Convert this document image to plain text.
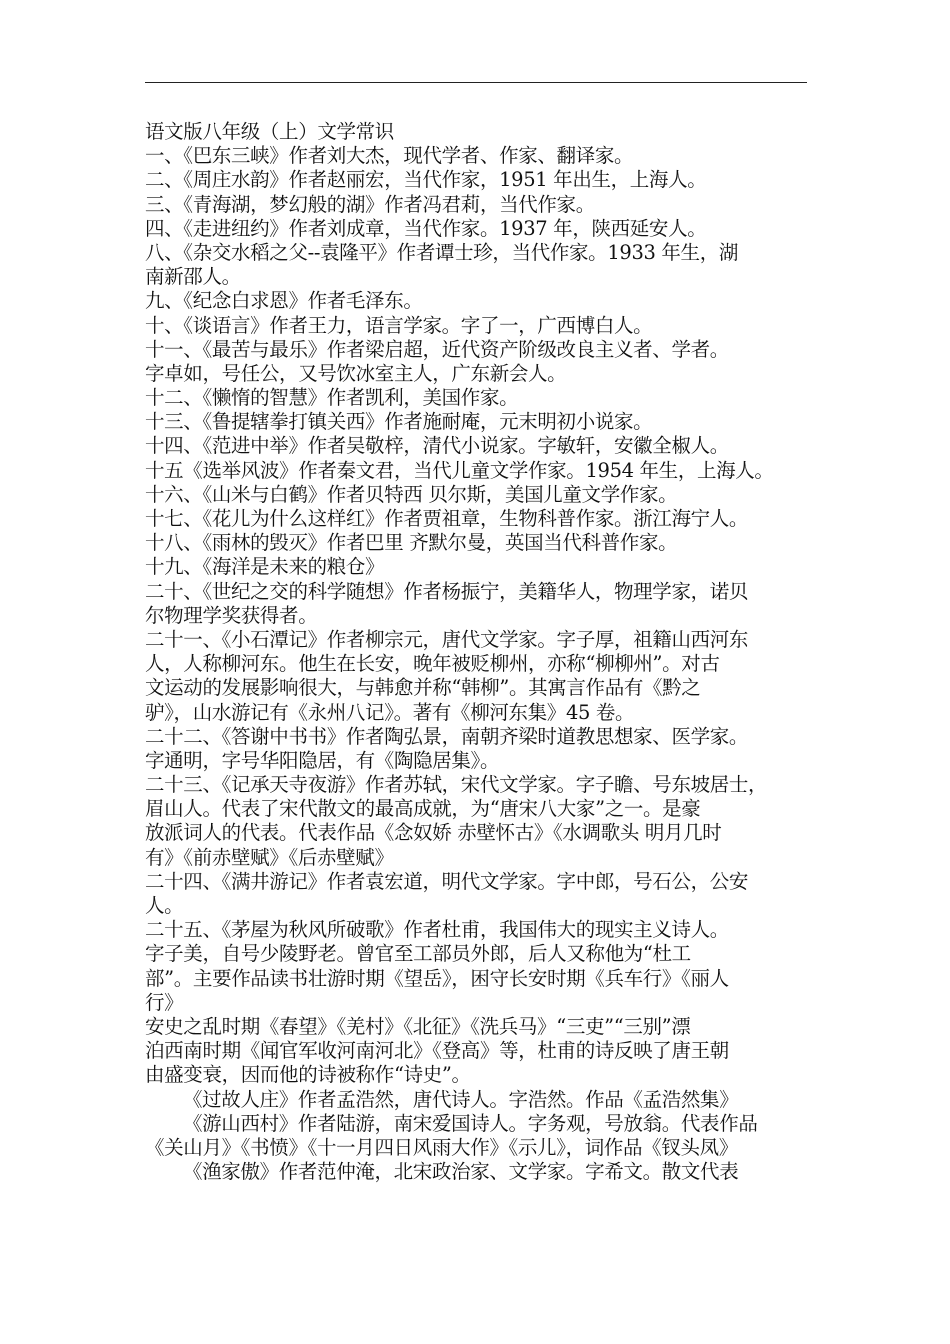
语文版八年级（上）文学常识
一、《巴东三峡》作者刘大杰，现代学者、作家、翻译家。
二、《周庄水韵》作者赵丽宏，当代作家，1951 年出生，上海人。
三、《青海湖，梦幻般的湖》作者冯君莉，当代作家。
四、《走进纽约》作者刘成章，当代作家。1937 年，陕西延安人。
八、《杂交水稻之父--袁隆平》作者谭士珍，当代作家。1933 年生，湖
南新邵人。
九、《纪念白求恩》作者毛泽东。
十、《谈语言》作者王力，语言学家。字了一，广西博白人。
十一、《最苦与最乐》作者梁启超，近代资产阶级改良主义者、学者。
字卓如，号任公，又号饮冰室主人，广东新会人。
十二、《懒惰的智慧》作者凯利，美国作家。
十三、《鲁提辖拳打镇关西》作者施耐庵，元末明初小说家。
十四、《范进中举》作者吴敬梓，清代小说家。字敏轩，安徽全椒人。
十五《选举风波》作者秦文君，当代儿童文学作家。1954 年生，上海人。
十六、《山米与白鹤》作者贝特西 贝尔斯，美国儿童文学作家。
十七、《花儿为什么这样红》作者贾祖章，生物科普作家。浙江海宁人。
十八、《雨林的毁灭》作者巴里 齐默尔曼，英国当代科普作家。
十九、《海洋是未来的粮仓》
二十、《世纪之交的科学随想》作者杨振宁，美籍华人，物理学家，诺贝
尔物理学奖获得者。
二十一、《小石潭记》作者柳宗元，唐代文学家。字子厚，祖籍山西河东
人，人称柳河东。他生在长安，晚年被贬柳州，亦称“柳柳州”。对古
文运动的发展影响很大，与韩愈并称“韩柳”。其寓言作品有《黔之
驴》，山水游记有《永州八记》。著有《柳河东集》45 卷。
二十二、《答谢中书书》作者陶弘景，南朝齐梁时道教思想家、医学家。
字通明，字号华阳隐居，有《陶隐居集》。
二十三、《记承天寺夜游》作者苏轼，宋代文学家。字子瞻、号东坡居士，
眉山人。代表了宋代散文的最高成就，为“唐宋八大家”之一。是豪
放派词人的代表。代表作品《念奴娇 赤壁怀古》《水调歌头 明月几时
有》《前赤壁赋》《后赤壁赋》
二十四、《满井游记》作者袁宏道，明代文学家。字中郎，号石公，公安
人。
二十五、《茅屋为秋风所破歌》作者杜甫，我国伟大的现实主义诗人。
字子美，自号少陵野老。曾官至工部员外郎，后人又称他为“杜工
部”。主要作品读书壮游时期《望岳》，困守长安时期《兵车行》《丽人
行》
安史之乱时期《春望》《羌村》《北征》《洗兵马》“三吏”“三别”漂
泊西南时期《闻官军收河南河北》《登高》等，杜甫的诗反映了唐王朝
由盛变衰，因而他的诗被称作“诗史”。
《过故人庄》作者孟浩然，唐代诗人。字浩然。作品《孟浩然集》
《游山西村》作者陆游，南宋爱国诗人。字务观，号放翁。代表作品
《关山月》《书愤》《十一月四日风雨大作》《示儿》，词作品《钗头凤》
《渔家傲》作者范仲淹，北宋政治家、文学家。字希文。散文代表
